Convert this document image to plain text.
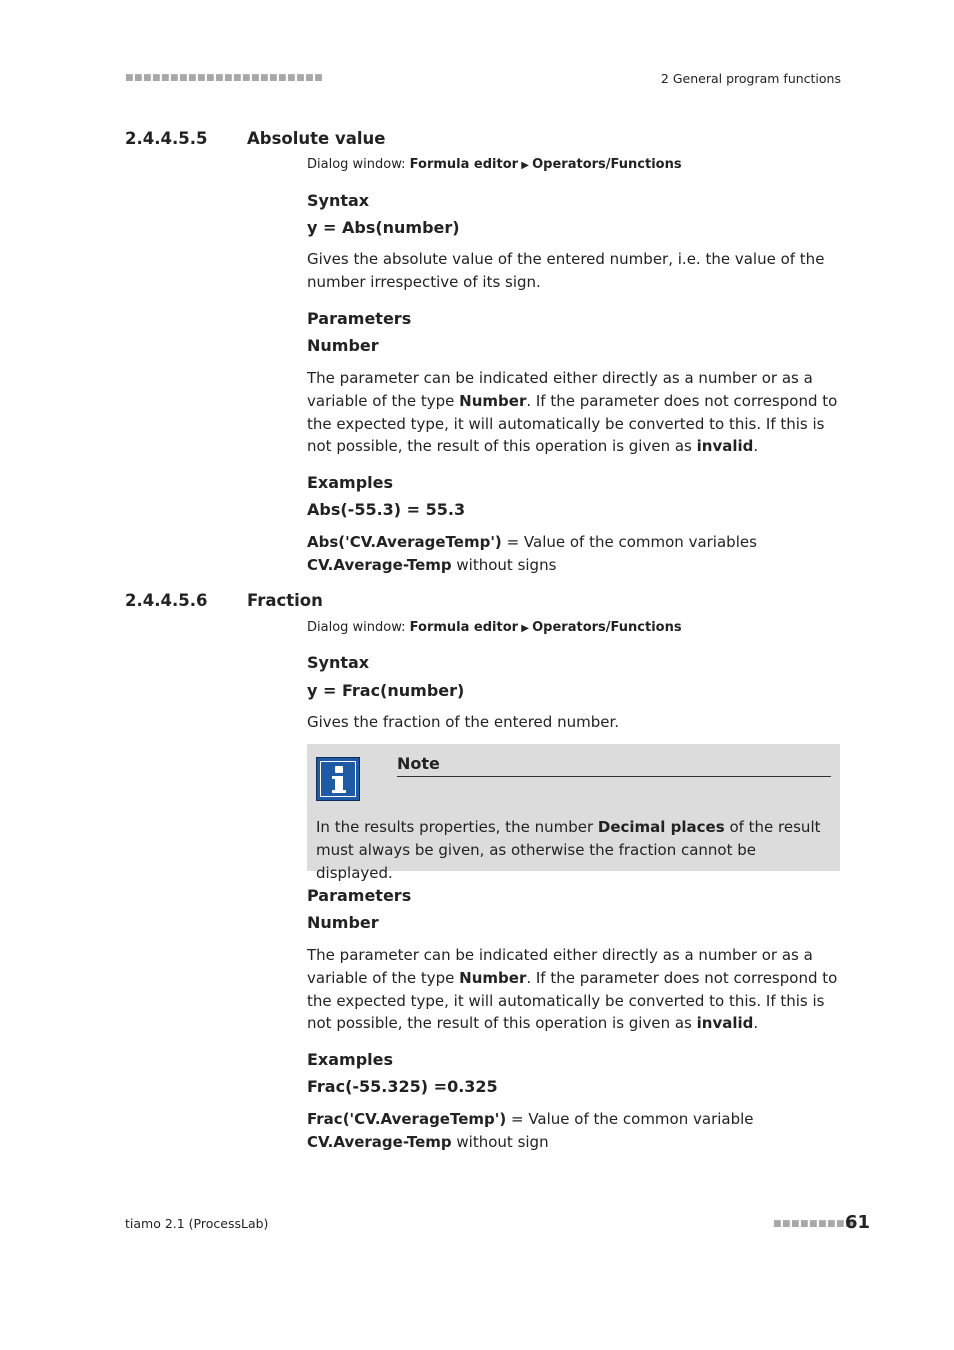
■■■■■■■■■■■■■■■■■■■■■■	2 General program functions
2.4.4.5.5 Absolute value
Dialog window: Formula editor ▶ Operators/Functions
Syntax
y = Abs(number)
Gives the absolute value of the entered number, i.e. the value of the number irrespective of its sign.
Parameters
Number
The parameter can be indicated either directly as a number or as a variable of the type Number. If the parameter does not correspond to the expected type, it will automatically be converted to this. If this is not possible, the result of this operation is given as invalid.
Examples
Abs(-55.3) = 55.3
Abs('CV.AverageTemp') = Value of the common variables CV.Average-Temp without signs
2.4.4.5.6 Fraction
Dialog window: Formula editor ▶ Operators/Functions
Syntax
y = Frac(number)
Gives the fraction of the entered number.
Note
In the results properties, the number Decimal places of the result must always be given, as otherwise the fraction cannot be displayed.
Parameters
Number
The parameter can be indicated either directly as a number or as a variable of the type Number. If the parameter does not correspond to the expected type, it will automatically be converted to this. If this is not possible, the result of this operation is given as invalid.
Examples
Frac(-55.325) =0.325
Frac('CV.AverageTemp') = Value of the common variable CV.Average-Temp without sign
tiamo 2.1 (ProcessLab)	■■■■■■■■■
61
